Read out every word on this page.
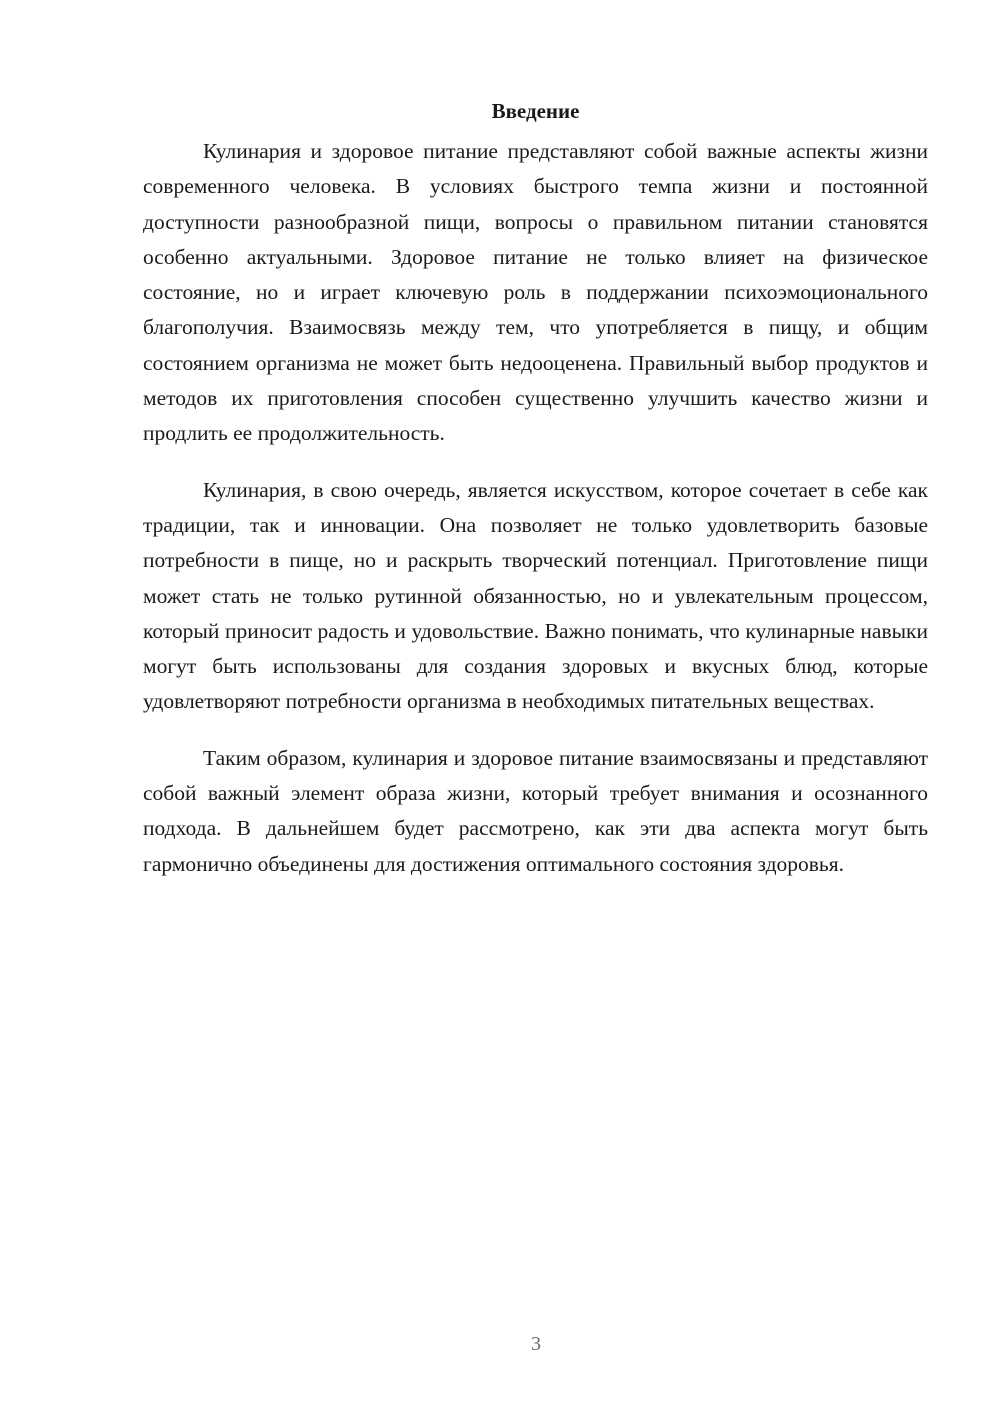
Введение

Кулинария и здоровое питание представляют собой важные аспекты жизни современного человека. В условиях быстрого темпа жизни и постоянной доступности разнообразной пищи, вопросы о правильном питании становятся особенно актуальными. Здоровое питание не только влияет на физическое состояние, но и играет ключевую роль в поддержании психоэмоционального благополучия. Взаимосвязь между тем, что употребляется в пищу, и общим состоянием организма не может быть недооценена. Правильный выбор продуктов и методов их приготовления способен существенно улучшить качество жизни и продлить ее продолжительность.

Кулинария, в свою очередь, является искусством, которое сочетает в себе как традиции, так и инновации. Она позволяет не только удовлетворить базовые потребности в пище, но и раскрыть творческий потенциал. Приготовление пищи может стать не только рутинной обязанностью, но и увлекательным процессом, который приносит радость и удовольствие. Важно понимать, что кулинарные навыки могут быть использованы для создания здоровых и вкусных блюд, которые удовлетворяют потребности организма в необходимых питательных веществах.

Таким образом, кулинария и здоровое питание взаимосвязаны и представляют собой важный элемент образа жизни, который требует внимания и осознанного подхода. В дальнейшем будет рассмотрено, как эти два аспекта могут быть гармонично объединены для достижения оптимального состояния здоровья.

3
